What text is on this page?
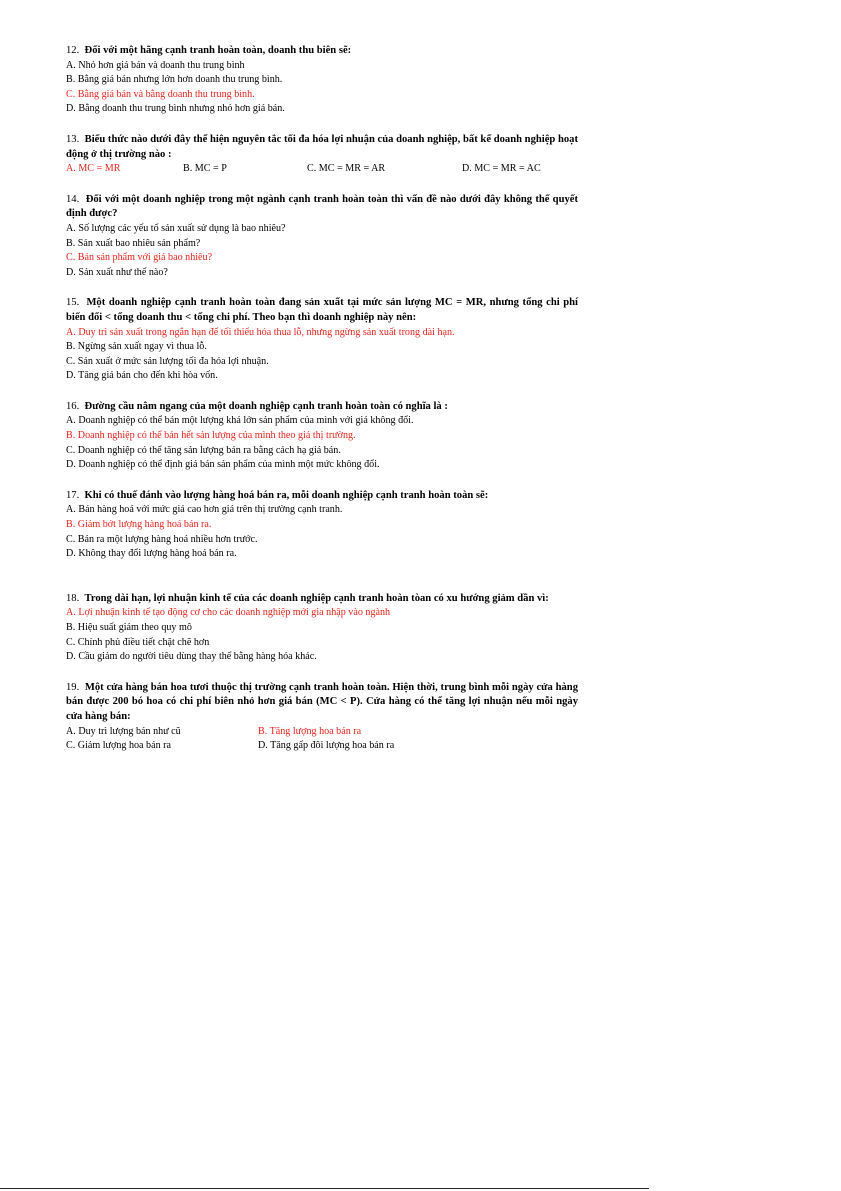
12. Đối với một hãng cạnh tranh hoàn toàn, doanh thu biên sẽ:
A. Nhỏ hơn giá bán và doanh thu trung bình
B. Bằng giá bán nhưng lớn hơn doanh thu trung bình.
C. Bằng giá bán và bằng doanh thu trung bình.
D. Bằng doanh thu trung bình nhưng nhỏ hơn giá bán.
13. Biểu thức nào dưới đây thể hiện nguyên tắc tối đa hóa lợi nhuận của doanh nghiệp, bất kể doanh nghiệp hoạt động ở thị trường nào :
A. MC = MR	B. MC = P	C. MC = MR = AR	D. MC = MR = AC
14. Đối với một doanh nghiệp trong một ngành cạnh tranh hoàn toàn thì vấn đề nào dưới đây không thể quyết định được?
A. Số lượng các yếu tố sản xuất sử dụng là bao nhiêu?
B. Sản xuất bao nhiêu sản phẩm?
C. Bán sản phẩm với giá bao nhiêu?
D. Sản xuất như thế nào?
15. Một doanh nghiệp cạnh tranh hoàn toàn đang sản xuất tại mức sản lượng MC = MR, nhưng tổng chi phí biến đổi < tổng doanh thu < tổng chi phí. Theo bạn thì doanh nghiệp này nên:
A. Duy trì sản xuất trong ngắn hạn để tối thiểu hóa thua lỗ, nhưng ngừng sản xuất trong dài hạn.
B. Ngừng sản xuất ngay vì thua lỗ.
C. Sản xuất ở mức sản lượng tối đa hóa lợi nhuận.
D. Tăng giá bán cho đến khi hòa vốn.
16. Đường cầu nằm ngang của một doanh nghiệp cạnh tranh hoàn toàn có nghĩa là :
A. Doanh nghiệp có thể bán một lượng khá lớn sản phẩm của mình với giá không đổi.
B. Doanh nghiệp có thể bán hết sản lượng của mình theo giá thị trường.
C. Doanh nghiệp có thể tăng sản lượng bán ra bằng cách hạ giá bán.
D. Doanh nghiệp có thể định giá bán sản phẩm của mình một mức không đổi.
17. Khi có thuế đánh vào lượng hàng hoá bán ra, mỗi doanh nghiệp cạnh tranh hoàn toàn sẽ:
A. Bán hàng hoá với mức giá cao hơn giá trên thị trường cạnh tranh.
B. Giảm bớt lượng hàng hoá bán ra.
C. Bán ra một lượng hàng hoá nhiều hơn trước.
D. Không thay đổi lượng hàng hoá bán ra.
18. Trong dài hạn, lợi nhuận kinh tế của các doanh nghiệp cạnh tranh hoàn tòan có xu hướng giảm dần vì:
A. Lợi nhuận kinh tế tạo động cơ cho các doanh nghiệp mới gia nhập vào ngành
B. Hiệu suất giảm theo quy mô
C. Chính phủ điều tiết chặt chẽ hơn
D. Cầu giảm do người tiêu dùng thay thế bằng hàng hóa khác.
19. Một cửa hàng bán hoa tươi thuộc thị trường cạnh tranh hoàn toàn. Hiện thời, trung bình mỗi ngày cửa hàng bán được 200 bó hoa có chi phí biên nhỏ hơn giá bán (MC < P). Cửa hàng có thể tăng lợi nhuận nếu mỗi ngày cửa hàng bán:
A. Duy trì lượng bán như cũ	B. Tăng lượng hoa bán ra
C. Giảm lượng hoa bán ra	D. Tăng gấp đôi lượng hoa bán ra
